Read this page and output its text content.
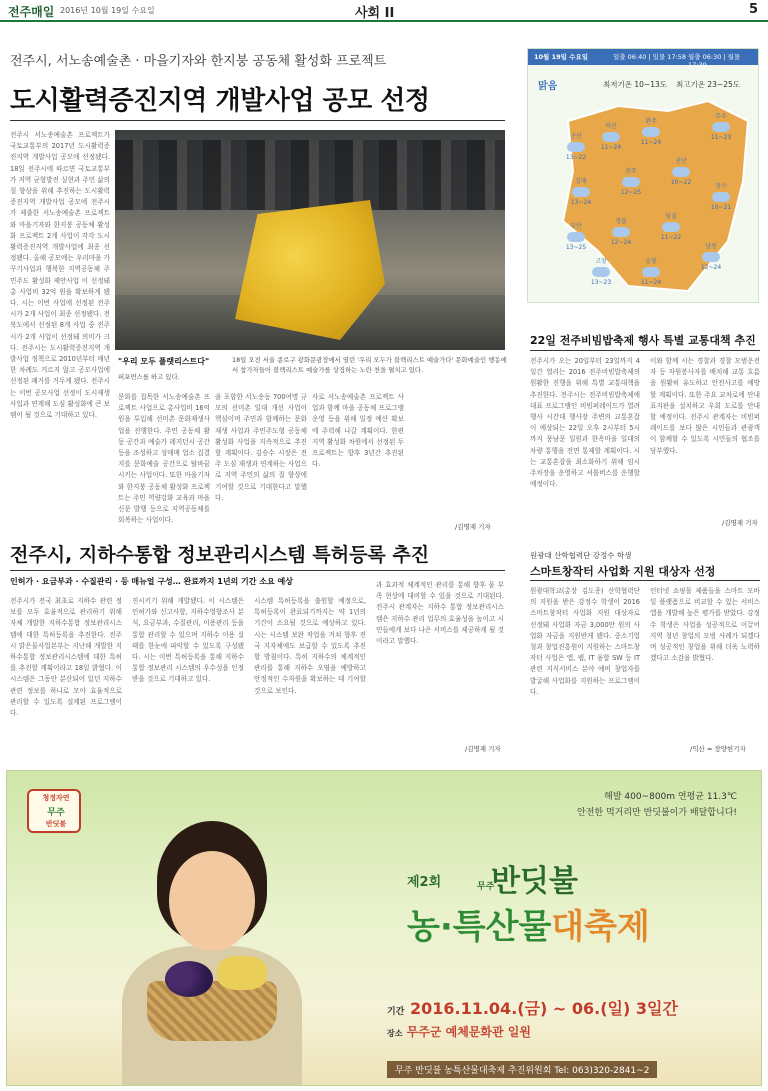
전주매일 2016년 10월 19일 수요일	사회 II	5
전주시, 서노송예술촌 · 마을기자와 한지붕 공동체 활성화 프로젝트
도시활력증진지역 개발사업 공모 선정
전주시 서노송예술촌 프로젝트가 국토교통부의 2017년 도시활력증진지역 개발사업 공모에 선정됐다. 18일 전주시에 따르면 국토교통부가 지역 균형발전 실현과 주민 삶의 질 향상을 위해 추진하는 도시활력증진지역 개발사업 공모에 전주시가 제출한 서노송예술촌 프로젝트와 마을기자와 한지붕 공동체 활성화 프로젝트 2개 사업이 각각 도시활력증진지역 개발사업에 최종 선정됐다. 올해 공모에는 우리마을 가꾸기사업과 행복한 지역공동체 주민주도 활성화 제안사업 이 선정돼 총 사업비 32억 원을 확보하게 됐다. 시는 이번 사업에 선정된 전주시가 2개 사업이 최종 선정됐다. 전북도에서 선정된 8개 사업 중 전주시가 2개 사업이 선정돼 의미가 크다. 전주시는 도시활력증진지역 개발사업 정책으로 2010년부터 매년 한 차례도 거르지 않고 공모사업에 선정된 쾌거를 거두게 됐다. 전주시는 이번 공모사업 선정이 도시재생 사업과 연계해 도심 활성화에 큰 보탬이 될 것으로 기대하고 있다.
"우리 모두 플랫리스트다"	18일 오전 서울 종로구 광화문광장에서 열린 '우리 모두가 블랙리스트 예술가다' 문화예술인 행동에서 참가자들이 블랙리스트 예술가를 상징하는 노란 천을 펼치고 있다.
퍼포먼스를 하고 있다.
문화를 접목한 서노송예술촌 프로젝트 사업으로 총사업비 16억원을 투입해 선미촌 문화재생사업을 진행한다. 주민 공동체 활동 공간과 예술가 레지던시 공간 등을 조성하고 성매매 업소 집결지를 문화예술 공간으로 탈바꿈시키는 사업이다. 또한 마을기자와 한지붕 공동체 활성화 프로젝트는 주민 역량강화 교육과 마을신문 발행 등으로 지역공동체를 회복하는 사업이다.
을 포함한 서노송동 700여명 규모의 선미촌 일대 개선 사업이 핵심이며 주민과 함께하는 문화재생 사업과 주민주도형 공동체 활성화 사업을 지속적으로 추진할 계획이다. 김승수 시장은 전주 도심 재생과 연계하는 사업으로 지역 주민의 삶의 질 향상에 기여할 것으로 기대한다고 말했다.
사로 서노송예술촌 프로젝트 사업과 함께 마을 공동체 프로그램 운영 등을 위해 일정 예산 확보에 주력해 나갈 계획이다. 한편 지역 활성화 차원에서 선정된 두 프로젝트는 향후 3년간 추진된다.
/김명재 기자
10월 19일 수요일	일출 06:40 | 일몰 17:58 월출 06:30 | 월몰 17:39
맑음	최저기온 10~13도 최고기온 23~25도
군산
13~22
익산
11~24
완주
11~24
무주
11~23
김제
13~24
전주
12~25
진안
10~22
장수
10~21
부안
13~25
정읍
12~24
임실
11~22
남원
12~24
고창
13~23
순창
11~24
22일 전주비빔밥축제 행사 특별 교통대책 추진
전주시가 오는 20일부터 23일까지 4일간 열리는 2016 전주비빔밥축제의 원활한 진행을 위해 특별 교통대책을 추진한다. 전주시는 전주비빔밥축제에 대표 프로그램인 비빔퍼레이드가 열려 행사 시간대 행사장 주변의 교통혼잡이 예상되는 22일 오후 2시부터 5시까지 풍남문 일원과 한옥마을 일대의 차량 통행을 전면 통제할 계획이다. 시는 교통혼잡을 최소화하기 위해 임시 주차장을 운영하고 셔틀버스를 운행할 예정이다.
이와 함께 시는 경찰과 경찰 모범운전자 등 자원봉사자를 배치해 교통 흐름을 원활히 유도하고 안전사고를 예방할 계획이다. 또한 주요 교차로에 안내 표지판을 설치하고 우회 도로를 안내할 예정이다. 전주시 관계자는 비빔퍼레이드를 보다 많은 시민들과 관광객이 함께할 수 있도록 시민들의 협조를 당부했다.
/김명재 기자
전주시, 지하수통합 정보관리시스템 특허등록 추진
인허가 · 요금부과 · 수질관리 · 등 매뉴얼 구성… 완료까지 1년의 기간 소요 예상
전주시가 전국 최초로 지하수 관련 정보를 모두 효율적으로 관리하기 위해 자체 개발한 지하수통합 정보관리시스템에 대한 특허등록을 추진한다. 전주시 맑은물사업본부는 지난해 개발한 지하수통합 정보관리시스템에 대한 특허를 추진할 계획이라고 18일 밝혔다. 이 시스템은 그동안 분산되어 있던 지하수 관련 정보를 하나로 모아 효율적으로 관리할 수 있도록 설계된 프로그램이다.
진시키기 위해 개발됐다. 이 시스템은 인허가와 신고사항, 지하수영향조사 분석, 요금부과, 수질관리, 이용관리 등을 통합 관리할 수 있으며 지하수 이용 실태를 한눈에 파악할 수 있도록 구성됐다. 시는 이번 특허등록을 통해 지하수 통합 정보관리 시스템의 우수성을 인정받을 것으로 기대하고 있다.
시스템 특허등록을 출원할 예정으로, 특허등록이 완료되기까지는 약 1년의 기간이 소요될 것으로 예상하고 있다. 시는 시스템 보완 작업을 거쳐 향후 전국 지자체에도 보급할 수 있도록 추진할 방침이다. 특히 지하수의 체계적인 관리를 통해 지하수 오염을 예방하고 안정적인 수자원을 확보하는 데 기여할 것으로 보인다.
과 효과적 체계적인 관리를 통해 향후 물 부족 현상에 대비할 수 있을 것으로 기대된다. 전주시 관계자는 지하수 통합 정보관리시스템은 지하수 관리 업무의 효율성을 높이고 시민들에게 보다 나은 서비스를 제공하게 될 것이라고 말했다.
/김명재 기자
원광대 산학협력단 강정수 학생
스마트창작터 사업화 지원 대상자 선정
원광대학교(총장 김도종) 산학협력단의 지원을 받은 강정수 학생이 2016 스마트창작터 사업화 지원 대상자로 선정돼 사업화 자금 3,000만 원의 사업화 자금을 지원받게 됐다. 중소기업청과 창업진흥원이 지원하는 스마트창작터 사업은 앱, 웹, IT 융합 SW 등 IT 관련 지식서비스 분야 예비 창업자를 발굴해 사업화를 지원하는 프로그램이다.
인터넷 쇼핑몰 제품들을 스마트 모바일 플랫폼으로 비교할 수 있는 서비스 앱을 개발해 높은 평가를 받았다. 강정수 학생은 사업을 성공적으로 이끌어 지역 청년 창업의 모범 사례가 되겠다며 성공적인 창업을 위해 더욱 노력하겠다고 소감을 밝혔다.
/익산 = 장양헌기자
청정자연
무주
반딧불
해발 400~800m 연평균 11.3℃
안전한 먹거리만 반딧불이가 배달합니다!
제2회	무주
반딧불
농·특산물대축제
기간 2016.11.04.(금) ~ 06.(일) 3일간
장소 무주군 예체문화관 일원
무주 반딧불 농특산물대축제 추진위원회 Tel: 063)320-2841~2
